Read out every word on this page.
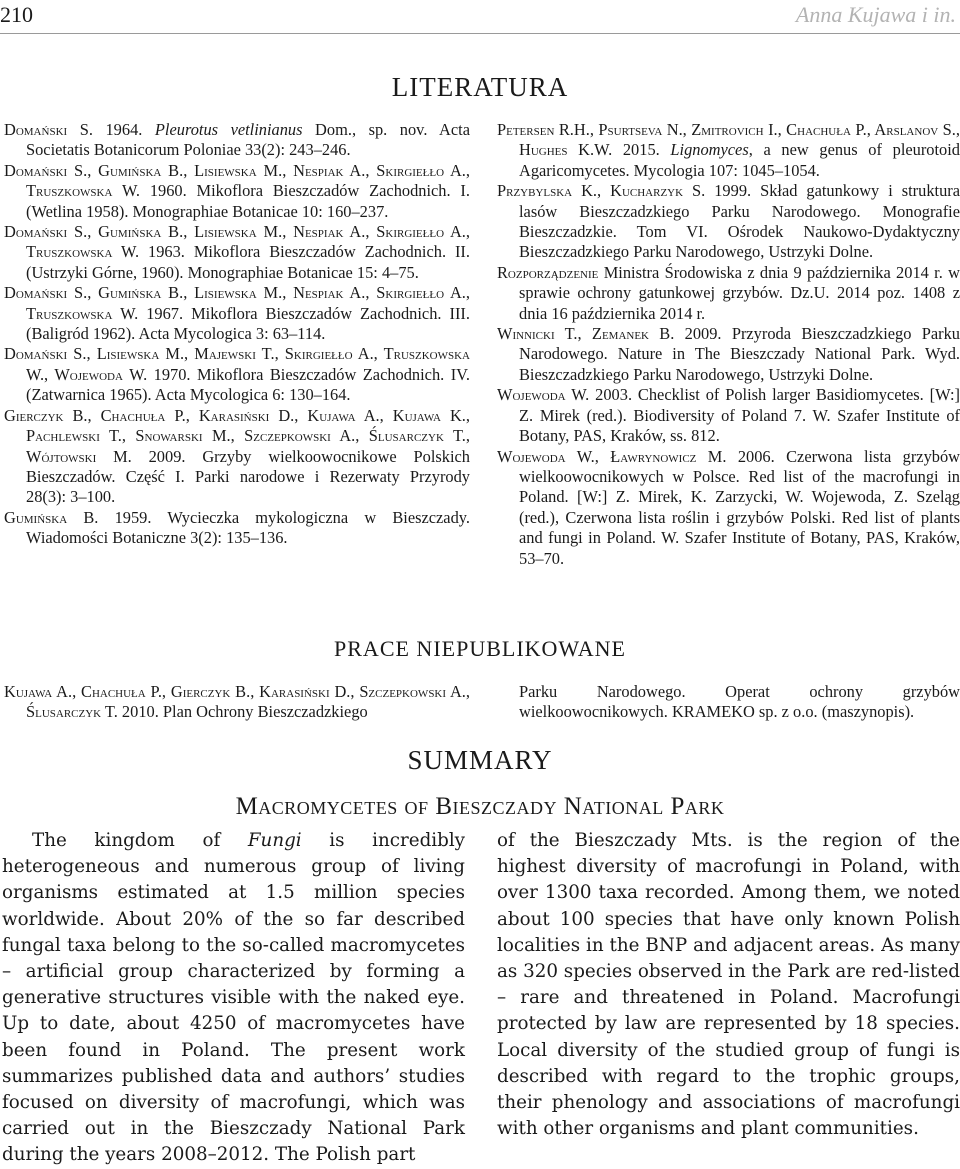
210	Anna Kujawa i in.
LITERATURA

Domański S. 1964. Pleurotus vetlinianus Dom., sp. nov. Acta Societatis Botanicorum Poloniae 33(2): 243–246.

Domański S., Gumińska B., Lisiewska M., Nespiak A., Skirgiełło A., Truszkowska W. 1960. Mikoflora Bieszczadów Zachodnich. I. (Wetlina 1958). Monographiae Botanicae 10: 160–237.

Domański S., Gumińska B., Lisiewska M., Nespiak A., Skirgiełło A., Truszkowska W. 1963. Mikoflora Bieszczadów Zachodnich. II. (Ustrzyki Górne, 1960). Monographiae Botanicae 15: 4–75.

Domański S., Gumińska B., Lisiewska M., Nespiak A., Skirgiełło A., Truszkowska W. 1967. Mikoflora Bieszczadów Zachodnich. III. (Baligród 1962). Acta Mycologica 3: 63–114.

Domański S., Lisiewska M., Majewski T., Skirgiełło A., Truszkowska W., Wojewoda W. 1970. Mikoflora Bieszczadów Zachodnich. IV. (Zatwarnica 1965). Acta Mycologica 6: 130–164.

Gierczyk B., Chachuła P., Karasiński D., Kujawa A., Kujawa K., Pachlewski T., Snowarski M., Szczepkowski A., Ślusarczyk T., Wójtowski M. 2009. Grzyby wielkoowocnikowe Polskich Bieszczadów. Część I. Parki narodowe i Rezerwaty Przyrody 28(3): 3–100.

Gumińska B. 1959. Wycieczka mykologiczna w Bieszczady. Wiadomości Botaniczne 3(2): 135–136.

Petersen R.H., Psurtseva N., Zmitrovich I., Chachuła P., Arslanov S., Hughes K.W. 2015. Lignomyces, a new genus of pleurotoid Agaricomycetes. Mycologia 107: 1045–1054.

Przybylska K., Kucharzyk S. 1999. Skład gatunkowy i struktura lasów Bieszczadzkiego Parku Narodowego. Monografie Bieszczadzkie. Tom VI. Ośrodek Naukowo-Dydaktyczny Bieszczadzkiego Parku Narodowego, Ustrzyki Dolne.

Rozporządzenie Ministra Środowiska z dnia 9 października 2014 r. w sprawie ochrony gatunkowej grzybów. Dz.U. 2014 poz. 1408 z dnia 16 października 2014 r.

Winnicki T., Zemanek B. 2009. Przyroda Bieszczadzkiego Parku Narodowego. Nature in The Bieszczady National Park. Wyd. Bieszczadzkiego Parku Narodowego, Ustrzyki Dolne.

Wojewoda W. 2003. Checklist of Polish larger Basidiomycetes. [W:] Z. Mirek (red.). Biodiversity of Poland 7. W. Szafer Institute of Botany, PAS, Kraków, ss. 812.

Wojewoda W., Ławrynowicz M. 2006. Czerwona lista grzybów wielkoowocnikowych w Polsce. Red list of the macrofungi in Poland. [W:] Z. Mirek, K. Zarzycki, W. Wojewoda, Z. Szeląg (red.), Czerwona lista roślin i grzybów Polski. Red list of plants and fungi in Poland. W. Szafer Institute of Botany, PAS, Kraków, 53–70.

PRACE NIEPUBLIKOWANE

Kujawa A., Chachuła P., Gierczyk B., Karasiński D., Szczepkowski A., Ślusarczyk T. 2010. Plan Ochrony Bieszczadzkiego

Parku Narodowego. Operat ochrony grzybów wielkoowocnikowych. KRAMEKO sp. z o.o. (maszynopis).

SUMMARY
Macromycetes of Bieszczady National Park

The kingdom of Fungi is incredibly heterogeneous and numerous group of living organisms estimated at 1.5 million species worldwide. About 20% of the so far described fungal taxa belong to the so-called macromycetes – artificial group characterized by forming a generative structures visible with the naked eye. Up to date, about 4250 of macromycetes have been found in Poland. The present work summarizes published data and authors’ studies focused on diversity of macrofungi, which was carried out in the Bieszczady National Park during the years 2008–2012. The Polish part

of the Bieszczady Mts. is the region of the highest diversity of macrofungi in Poland, with over 1300 taxa recorded. Among them, we noted about 100 species that have only known Polish localities in the BNP and adjacent areas. As many as 320 species observed in the Park are red-listed – rare and threatened in Poland. Macrofungi protected by law are represented by 18 species. Local diversity of the studied group of fungi is described with regard to the trophic groups, their phenology and associations of macrofungi with other organisms and plant communities.
